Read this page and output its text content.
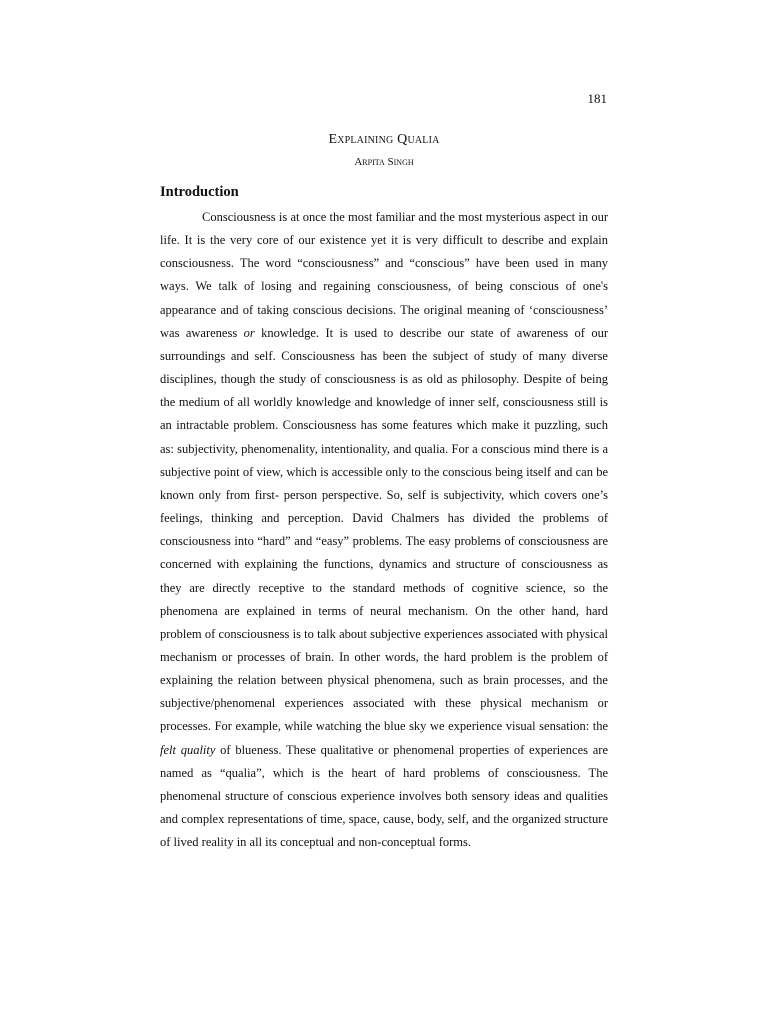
181
Explaining Qualia
Arpita Singh
Introduction

Consciousness is at once the most familiar and the most mysterious aspect in our life. It is the very core of our existence yet it is very difficult to describe and explain consciousness. The word “consciousness” and “conscious” have been used in many ways. We talk of losing and regaining consciousness, of being conscious of one's appearance and of taking conscious decisions. The original meaning of ‘consciousness’ was awareness or knowledge. It is used to describe our state of awareness of our surroundings and self. Consciousness has been the subject of study of many diverse disciplines, though the study of consciousness is as old as philosophy. Despite of being the medium of all worldly knowledge and knowledge of inner self, consciousness still is an intractable problem. Consciousness has some features which make it puzzling, such as: subjectivity, phenomenality, intentionality, and qualia. For a conscious mind there is a subjective point of view, which is accessible only to the conscious being itself and can be known only from first- person perspective. So, self is subjectivity, which covers one’s feelings, thinking and perception. David Chalmers has divided the problems of consciousness into “hard” and “easy” problems. The easy problems of consciousness are concerned with explaining the functions, dynamics and structure of consciousness as they are directly receptive to the standard methods of cognitive science, so the phenomena are explained in terms of neural mechanism. On the other hand, hard problem of consciousness is to talk about subjective experiences associated with physical mechanism or processes of brain. In other words, the hard problem is the problem of explaining the relation between physical phenomena, such as brain processes, and the subjective/phenomenal experiences associated with these physical mechanism or processes. For example, while watching the blue sky we experience visual sensation: the felt quality of blueness. These qualitative or phenomenal properties of experiences are named as “qualia”, which is the heart of hard problems of consciousness. The phenomenal structure of conscious experience involves both sensory ideas and qualities and complex representations of time, space, cause, body, self, and the organized structure of lived reality in all its conceptual and non-conceptual forms.
